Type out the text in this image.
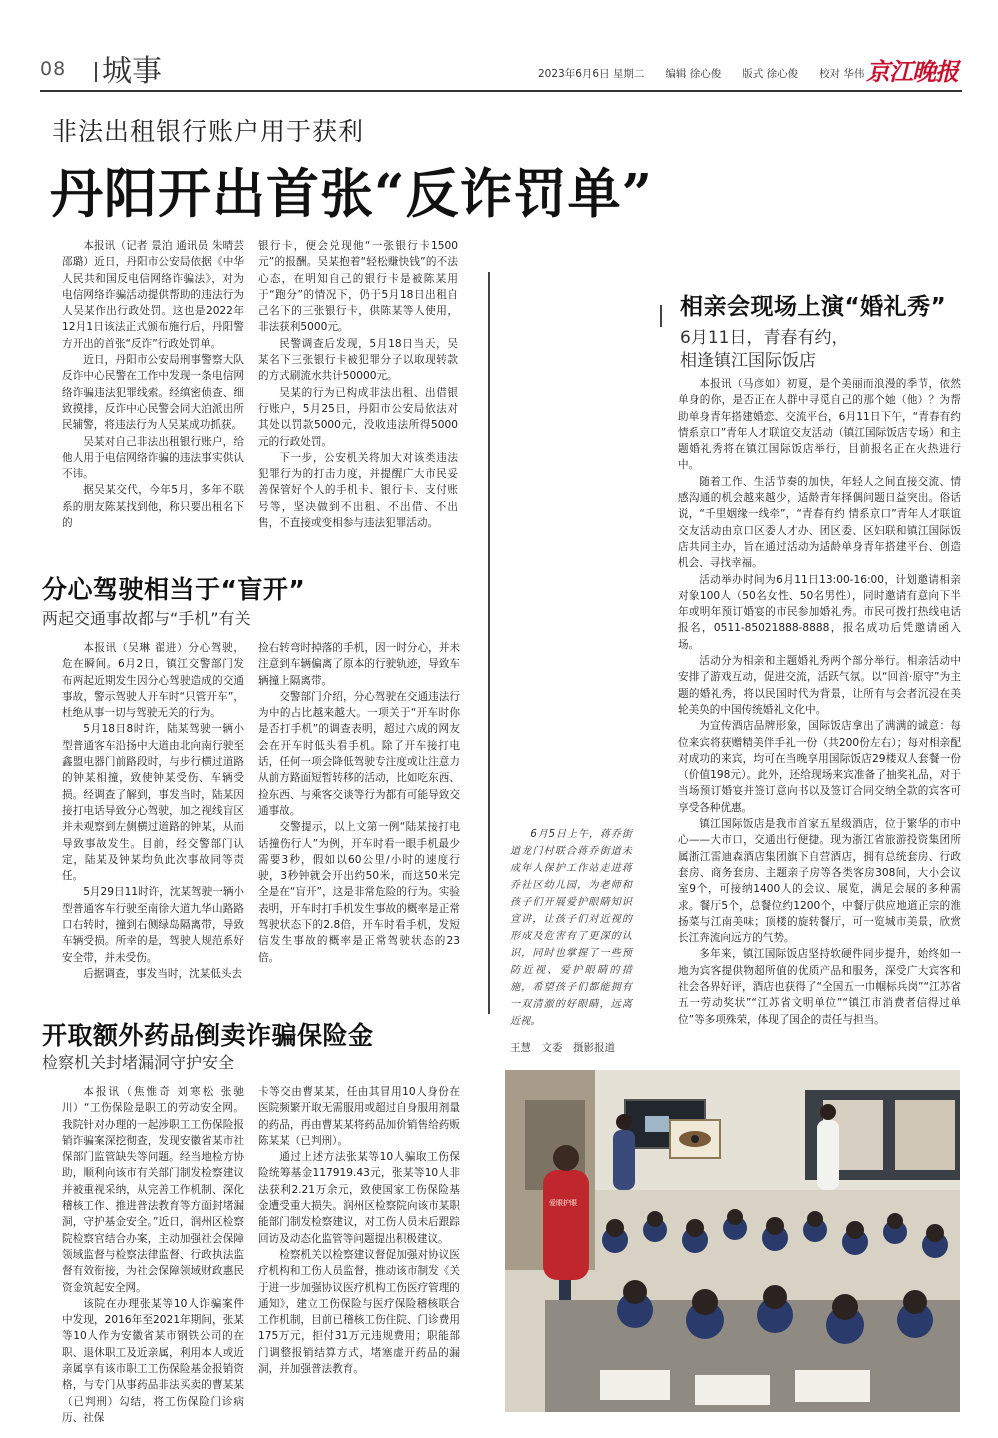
08 城事	2023年6月6日 星期二　　编辑 徐心俊　　版式 徐心俊　　校对 华伟 京江晚报
非法出租银行账户用于获利
丹阳开出首张“反诈罚单”

本报讯（记者 景泊 通讯员 朱晴芸 邵璐）近日，丹阳市公安局依据《中华人民共和国反电信网络诈骗法》，对为电信网络诈骗活动提供帮助的违法行为人吴某作出行政处罚。这也是2022年12月1日该法正式颁布施行后，丹阳警方开出的首张“反诈”行政处罚单。

近日，丹阳市公安局刑事警察大队反诈中心民警在工作中发现一条电信网络诈骗违法犯罪线索。经缜密侦查、细致摸排，反诈中心民警会同大泊派出所民辅警，将违法行为人吴某成功抓获。

吴某对自己非法出租银行账户，给他人用于电信网络诈骗的违法事实供认不讳。

据吴某交代，今年5月，多年不联系的朋友陈某找到他，称只要出租名下的

银行卡，便会兑现他“一张银行卡1500元”的报酬。吴某抱着“轻松赚快钱”的不法心态，在明知自己的银行卡是被陈某用于“跑分”的情况下，仍于5月18日出租自己名下的三张银行卡，供陈某等人使用，非法获利5000元。

民警调查后发现，5月18日当天，吴某名下三张银行卡被犯罪分子以取现转款的方式刷流水共计50000元。

吴某的行为已构成非法出租、出借银行账户，5月25日，丹阳市公安局依法对其处以罚款5000元，没收违法所得5000元的行政处罚。

下一步，公安机关将加大对该类违法犯罪行为的打击力度，并提醒广大市民妥善保管好个人的手机卡、银行卡、支付账号等，坚决做到不出租、不出借、不出售，不直接或变相参与违法犯罪活动。

相亲会现场上演“婚礼秀”
6月11日，青春有约，
相逢镇江国际饭店

本报讯（马彦如）初夏，是个美丽而浪漫的季节，依然单身的你，是否正在人群中寻觅自己的那个她（他）？为帮助单身青年搭建婚恋、交流平台，6月11日下午，“青春有约 情系京口”青年人才联谊交友活动（镇江国际饭店专场）和主题婚礼秀将在镇江国际饭店举行，目前报名正在火热进行中。

随着工作、生活节奏的加快，年轻人之间直接交流、情感沟通的机会越来越少，适龄青年择偶问题日益突出。俗话说，“千里姻缘一线牵”，“青春有约 情系京口”青年人才联谊交友活动由京口区委人才办、团区委、区妇联和镇江国际饭店共同主办，旨在通过活动为适龄单身青年搭建平台、创造机会、寻找幸福。

活动举办时间为6月11日13:00-16:00，计划邀请相亲对象100人（50名女性、50名男性），同时邀请有意向下半年或明年预订婚宴的市民参加婚礼秀。市民可拨打热线电话报名，0511-85021888-8888，报名成功后凭邀请函入场。

活动分为相亲和主题婚礼秀两个部分举行。相亲活动中安排了游戏互动，促进交流，活跃气氛。以“回首·原守”为主题的婚礼秀，将以民国时代为背景，让所有与会者沉浸在美轮美奂的中国传统婚礼文化中。

为宣传酒店品牌形象，国际饭店拿出了满满的诚意：每位来宾将获赠精美伴手礼一份（共200份左右）；每对相亲配对成功的来宾，均可在当晚享用国际饭店29楼双人套餐一份（价值198元）。此外，还给现场来宾准备了抽奖礼品，对于当场预订婚宴并签订意向书以及签订合同交纳全款的宾客可享受各种优惠。

镇江国际饭店是我市首家五星级酒店，位于繁华的市中心——大市口，交通出行便捷。现为浙江省旅游投资集团所属浙江雷迪森酒店集团旗下自营酒店，拥有总统套房、行政套房、商务套房、主题亲子房等各类客房308间，大小会议室9个，可接纳1400人的会议、展览，满足会展的多种需求。餐厅5个，总餐位约1200个，中餐厅供应地道正宗的淮扬菜与江南美味；顶楼的旋转餐厅，可一览城市美景，欣赏长江奔流向远方的气势。

多年来，镇江国际饭店坚持软硬件同步提升，始终如一地为宾客提供物超所值的优质产品和服务，深受广大宾客和社会各界好评，酒店也获得了“全国五一巾帼标兵岗”“江苏省五一劳动奖状”“江苏省文明单位”“镇江市消费者信得过单位”等多项殊荣，体现了国企的责任与担当。

分心驾驶相当于“盲开”
两起交通事故都与“手机”有关

本报讯（吴琳 翟进）分心驾驶，危在瞬间。6月2日，镇江交警部门发布两起近期发生因分心驾驶造成的交通事故，警示驾驶人开车时“只管开车”，杜绝从事一切与驾驶无关的行为。

5月18日8时许，陆某驾驶一辆小型普通客车沿扬中大道由北向南行驶至鑫盟电器门前路段时，与步行横过道路的钟某相撞，致使钟某受伤、车辆受损。经调查了解到，事发当时，陆某因接打电话导致分心驾驶，加之视线盲区并未观察到左侧横过道路的钟某，从而导致事故发生。目前，经交警部门认定，陆某及钟某均负此次事故同等责任。

5月29日11时许，沈某驾驶一辆小型普通客车行驶至南徐大道九华山路路口右转时，撞到右侧绿岛隔离带，导致车辆受损。所幸的是，驾驶人规范系好安全带，并未受伤。

后据调查，事发当时，沈某低头去

捡右转弯时掉落的手机，因一时分心，并未注意到车辆偏离了原本的行驶轨迹，导致车辆撞上隔离带。

交警部门介绍，分心驾驶在交通违法行为中的占比越来越大。一项关于“开车时你是否打手机”的调查表明，超过六成的网友会在开车时低头看手机。除了开车接打电话，任何一项会降低驾驶专注度或让注意力从前方路面短暂转移的活动，比如吃东西、捡东西、与乘客交谈等行为都有可能导致交通事故。

交警提示，以上文第一例“陆某接打电话撞伤行人”为例，开车时看一眼手机最少需要3秒，假如以60公里/小时的速度行驶，3秒钟就会开出约50米，而这50米完全是在“盲开”，这是非常危险的行为。实验表明，开车时打手机发生事故的概率是正常驾驶状态下的2.8倍，开车时看手机，发短信发生事故的概率是正常驾驶状态的23倍。

6月5日上午，蒋乔街道龙门村联合蒋乔街道未成年人保护工作站走进蒋乔社区幼儿园，为老师和孩子们开展爱护眼睛知识宣讲，让孩子们对近视的形成及危害有了更深的认识，同时也掌握了一些预防近视、爱护眼睛的措施，希望孩子们都能拥有一双清澈的好眼睛，远离近视。

王慧　文委　摄影报道
开取额外药品倒卖诈骗保险金
检察机关封堵漏洞守护安全

本报讯（焦惟奇 刘寒松 张驰川）“工伤保险是职工的劳动安全网。我院针对办理的一起涉职工工伤保险报销诈骗案深挖彻查，发现安徽省某市社保部门监管缺失等问题。经当地检方协助，顺利向该市有关部门制发检察建议并被重视采纳，从完善工作机制、深化稽核工作、推进普法教育等方面封堵漏洞，守护基金安全。”近日，润州区检察院检察官结合办案，主动加强社会保障领域监督与检察法律监督、行政执法监督有效衔接，为社会保障领域财政惠民资金筑起安全网。

该院在办理张某等10人诈骗案件中发现，2016年至2021年期间，张某等10人作为安徽省某市钢铁公司的在职、退休职工及近亲属，利用本人或近亲属享有该市职工工伤保险基金报销资格，与专门从事药品非法买卖的曹某某（已判刑）勾结，将工伤保险门诊病历、社保

卡等交由曹某某，任由其冒用10人身份在医院频繁开取无需服用或超过自身服用剂量的药品，再由曹某某将药品加价销售给药贩陈某某（已判刑）。

通过上述方法张某等10人骗取工伤保险统筹基金117919.43元，张某等10人非法获利2.21万余元，致使国家工伤保险基金遭受重大损失。润州区检察院向该市某职能部门制发检察建议，对工伤人员未后跟踪回访及动态化监管等问题提出积极建议。

检察机关以检察建议督促加强对协议医疗机构和工伤人员监督，推动该市制发《关于进一步加强协议医疗机构工伤医疗管理的通知》，建立工伤保险与医疗保险稽核联合工作机制，目前已稽核工伤住院、门诊费用175万元，拒付31万元违规费用；职能部门调整报销结算方式，堵塞虚开药品的漏洞，并加强普法教育。

爱眼护眼
